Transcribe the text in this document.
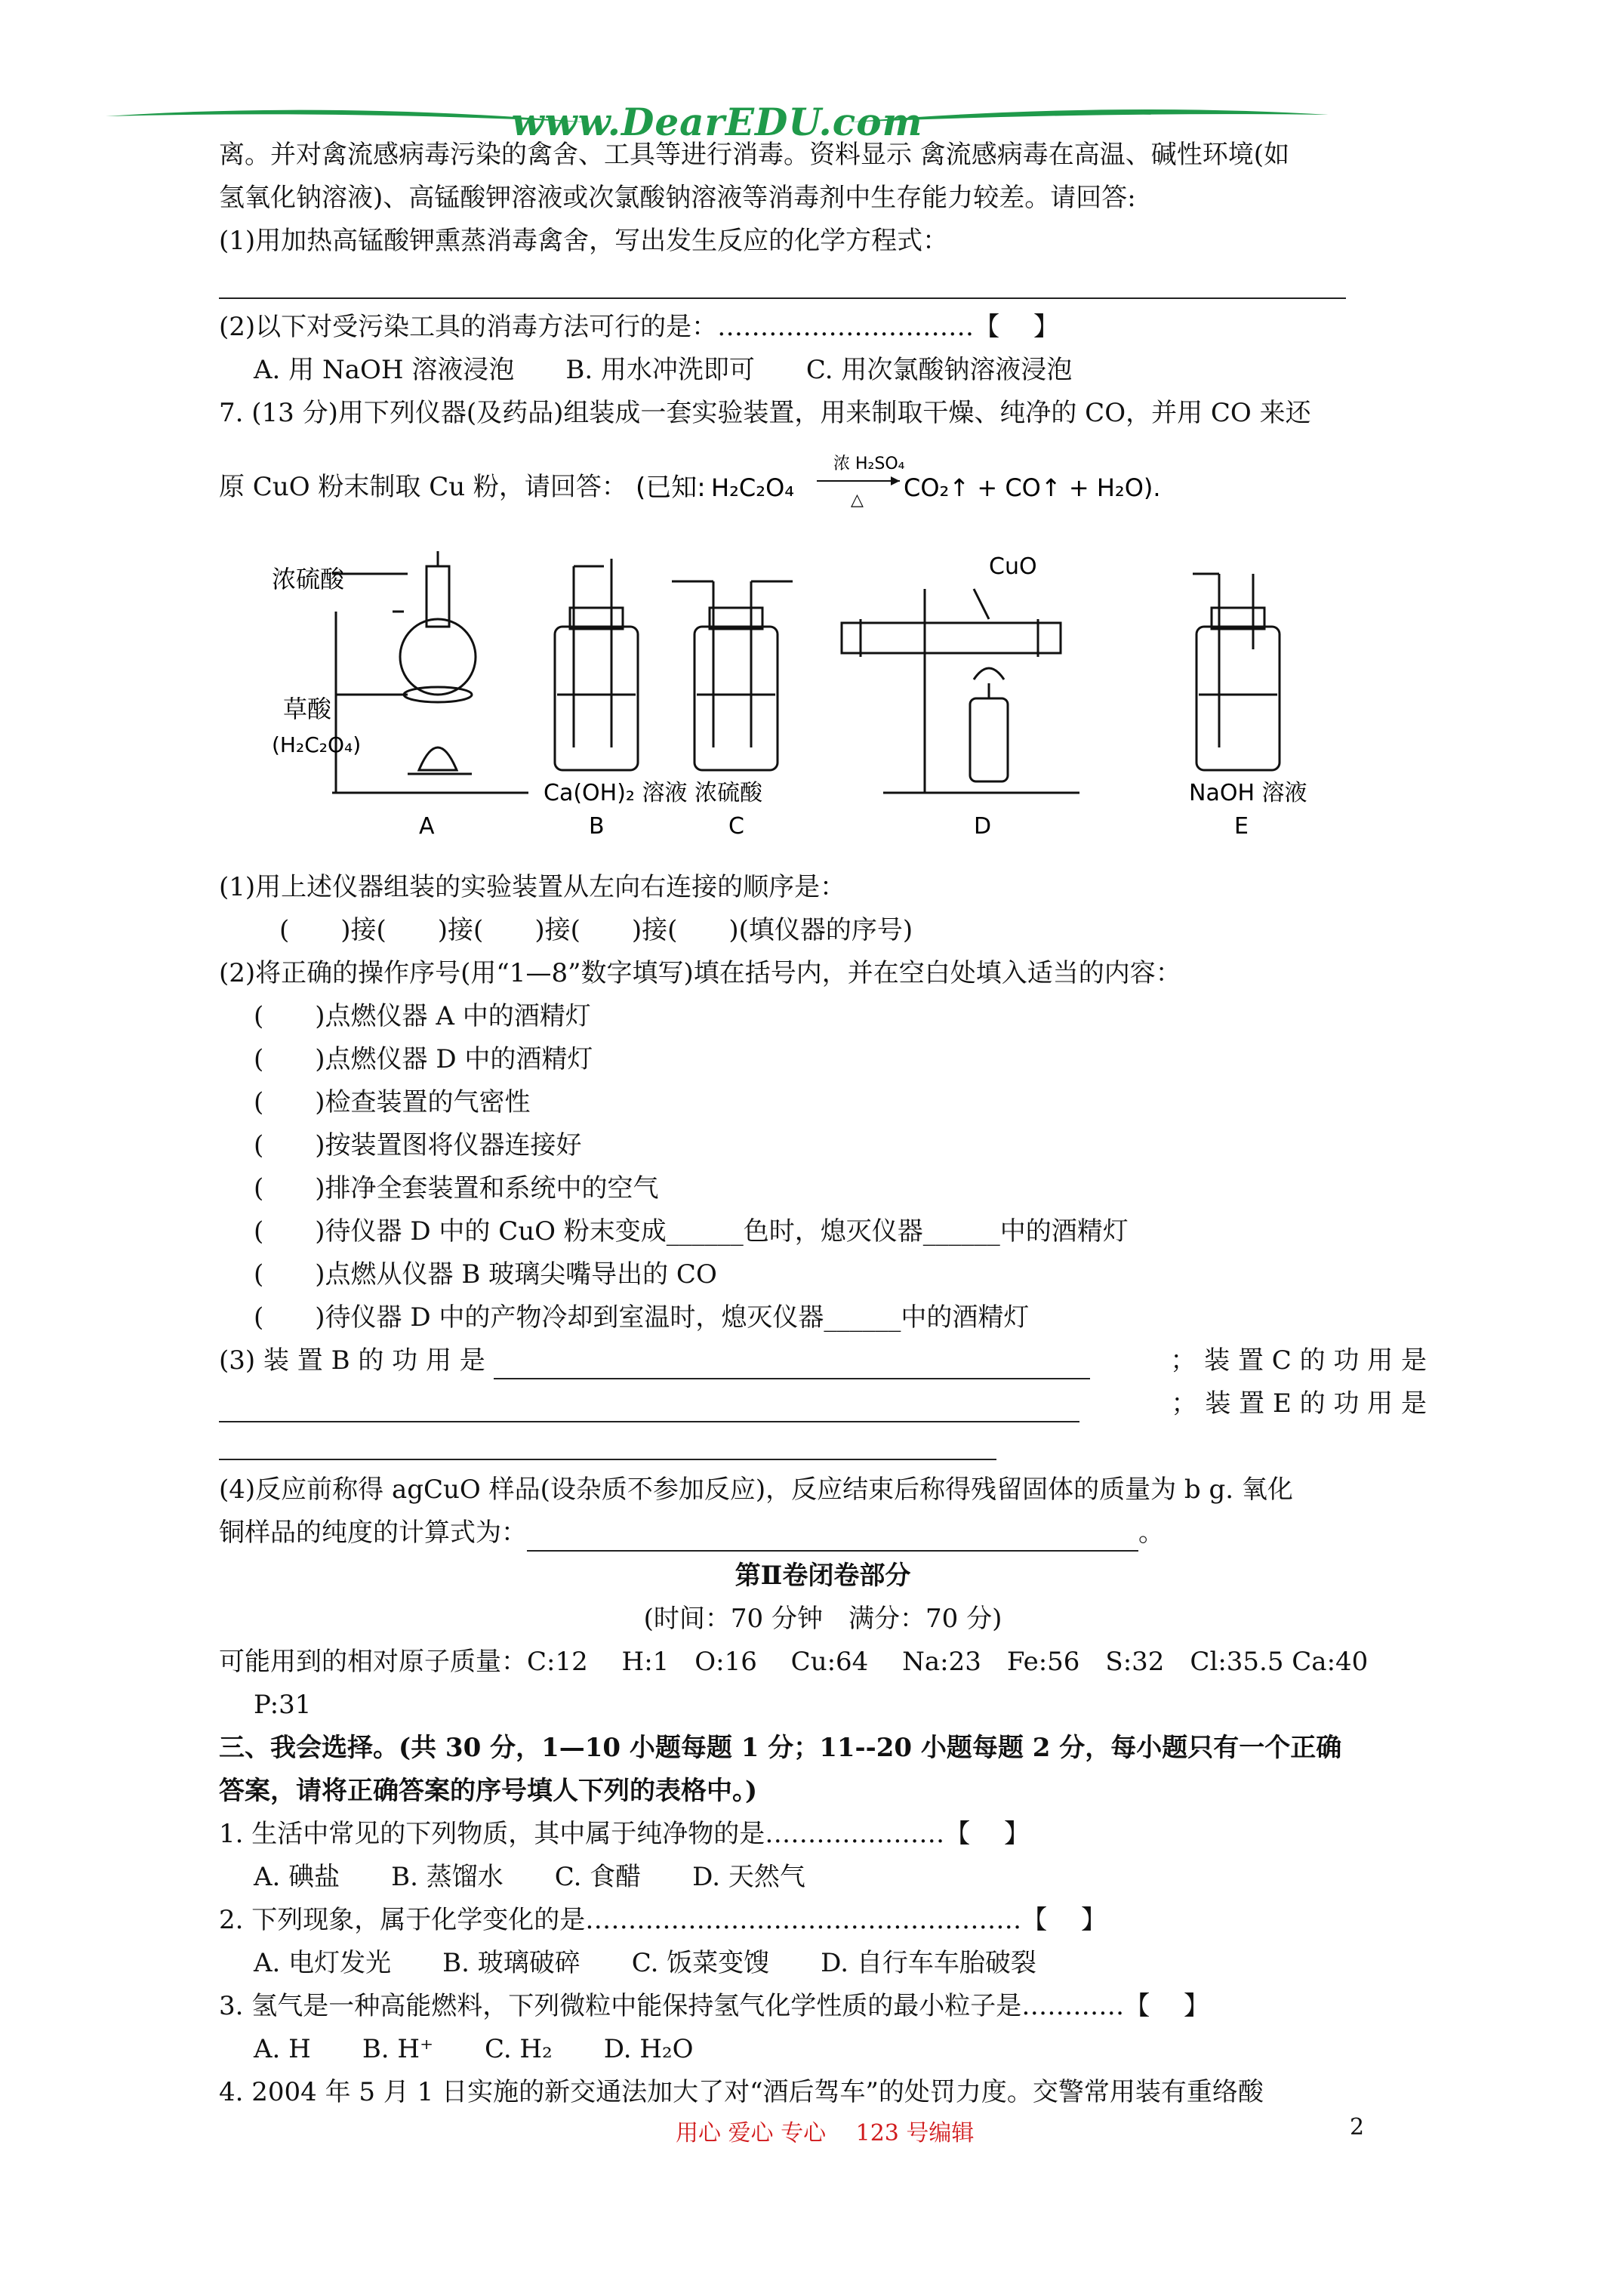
www.DearEDU.com
离。并对禽流感病毒污染的禽舍、工具等进行消毒。资料显示 禽流感病毒在高温、碱性环境(如
氢氧化钠溶液)、高锰酸钾溶液或次氯酸钠溶液等消毒剂中生存能力较差。请回答:
(1)用加热高锰酸钾熏蒸消毒禽舍，写出发生反应的化学方程式：
(2)以下对受污染工具的消毒方法可行的是：…………………………【　 】
A. 用 NaOH 溶液浸泡　　B. 用水冲洗即可　　C. 用次氯酸钠溶液浸泡
7. (13 分)用下列仪器(及药品)组装成一套实验装置，用来制取干燥、纯净的 CO，并用 CO 来还
原 CuO 粉末制取 Cu 粉，请回答： (已知: H₂C₂O₄
浓 H₂SO₄
△ CO₂↑ + CO↑ + H₂O).
浓硫酸
草酸
(H₂C₂O₄)
Ca(OH)₂ 溶液 浓硫酸
CuO
NaOH 溶液
A	B	C	D	E
(1)用上述仪器组装的实验装置从左向右连接的顺序是：
(　　)接(　　)接(　　)接(　　)接(　　)(填仪器的序号)
(2)将正确的操作序号(用“1—8”数字填写)填在括号内，并在空白处填入适当的内容：
(　　)点燃仪器 A 中的酒精灯
(　　)点燃仪器 D 中的酒精灯
(　　)检查装置的气密性
(　　)按装置图将仪器连接好
(　　)排净全套装置和系统中的空气
(　　)待仪器 D 中的 CuO 粉末变成______色时，熄灭仪器______中的酒精灯
(　　)点燃从仪器 B 玻璃尖嘴导出的 CO
(　　)待仪器 D 中的产物冷却到室温时，熄灭仪器______中的酒精灯
(3) 装 置 B 的 功 用 是	； 装 置 C 的 功 用 是
； 装 置 E 的 功 用 是
(4)反应前称得 agCuO 样品(设杂质不参加反应)，反应结束后称得残留固体的质量为 b g. 氧化
铜样品的纯度的计算式为：	。
第Ⅱ卷闭卷部分
(时间：70 分钟　满分：70 分)
可能用到的相对原子质量：C:12　 H:1　O:16　 Cu:64　 Na:23　Fe:56　S:32　Cl:35.5 Ca:40
P:31
三、我会选择。(共 30 分，1—10 小题每题 1 分；11--20 小题每题 2 分，每小题只有一个正确
答案，请将正确答案的序号填人下列的表格中。)
1. 生活中常见的下列物质，其中属于纯净物的是…………………【　 】
A. 碘盐　　B. 蒸馏水　　C. 食醋　　D. 天然气
2. 下列现象，属于化学变化的是……………………………………………【　 】
A. 电灯发光　　B. 玻璃破碎　　C. 饭菜变馊　　D. 自行车车胎破裂
3. 氢气是一种高能燃料，下列微粒中能保持氢气化学性质的最小粒子是…………【　 】
A. H　　B. H⁺　　C. H₂　　D. H₂O
4. 2004 年 5 月 1 日实施的新交通法加大了对“酒后驾车”的处罚力度。交警常用装有重络酸
用心 爱心 专心　 123 号编辑	2
